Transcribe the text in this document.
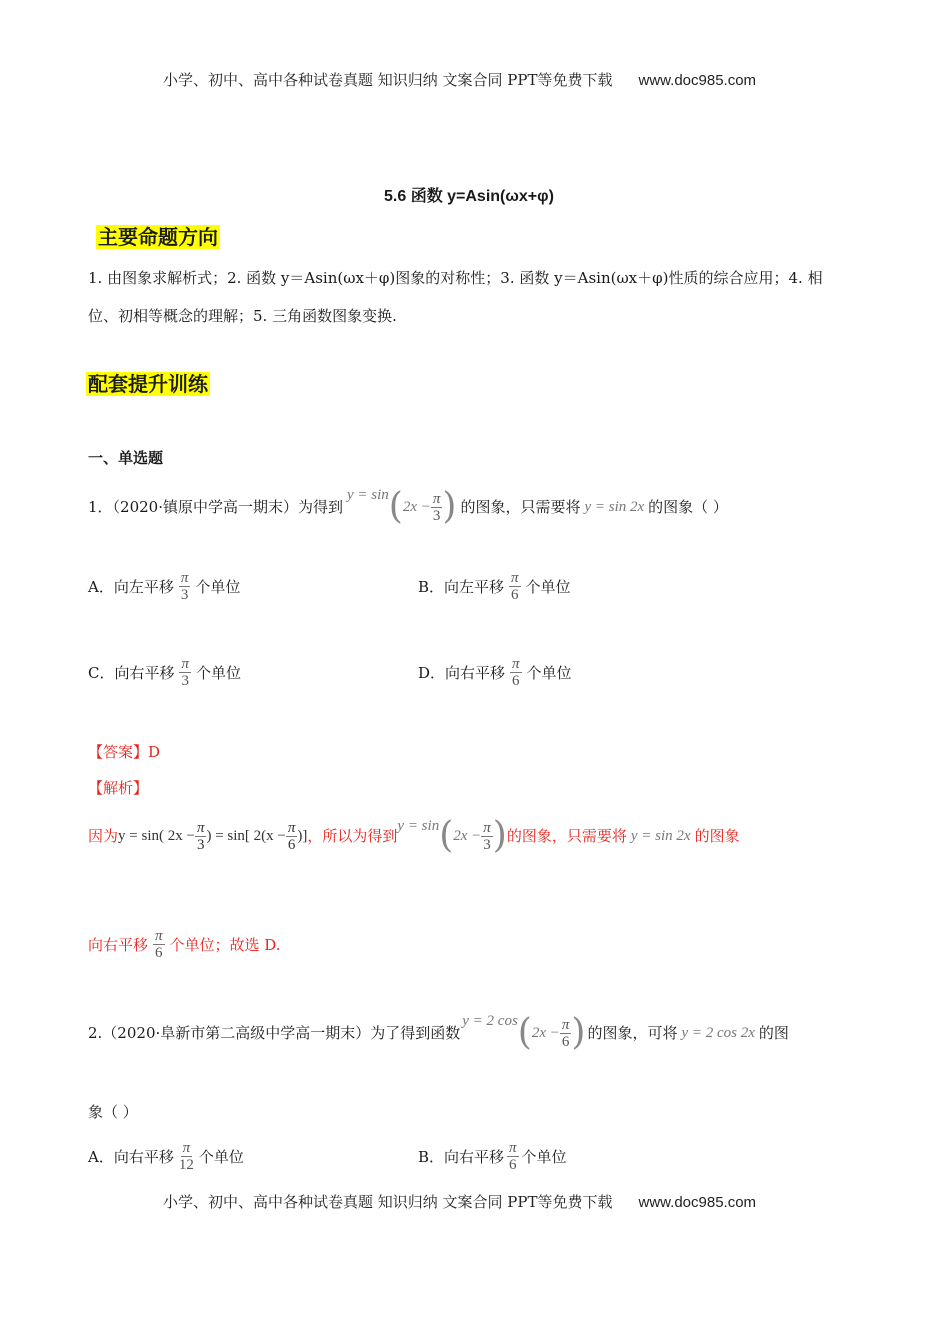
小学、初中、高中各种试卷真题 知识归纳 文案合同 PPT等免费下载 www.doc985.com
5.6 函数 y=Asin(ωx+φ)
主要命题方向
1. 由图象求解析式；2. 函数 y＝Asin(ωx＋φ)图象的对称性；3. 函数 y＝Asin(ωx＋φ)性质的综合应用；4. 相
位、初相等概念的理解；5. 三角函数图象变换.
配套提升训练
一、单选题
1．（2020·镇原中学高一期末）为得到
y = sin ( $2x - \frac{\pi}{3}$ ) 的图象，只需要将 y = sin 2x 的图象（ ）
A．向左平移 $\frac{\pi}{3}$ 个单位	B．向左平移 $\frac{\pi}{6}$ 个单位
C．向右平移 $\frac{\pi}{3}$ 个单位	D．向右平移 $\frac{\pi}{6}$ 个单位
【答案】D
【解析】
因为 y = sin( $2x - \frac{\pi}{3}$ ) = sin[ $2(x - \frac{\pi}{6}$ )] ，所以为得到
y = sin ( $2x - \frac{\pi}{3}$ ) 的图象，只需要将 y = sin 2x 的图象
向右平移 $\frac{\pi}{6}$ 个单位；故选 D.
2.（2020·阜新市第二高级中学高一期末）为了得到函数
y = 2 cos ( $2x - \frac{\pi}{6}$ ) 的图象，可将 y = 2 cos 2x 的图
象（ ）
A．向右平移 $\frac{\pi}{12}$ 个单位	B．向右平移 $\frac{\pi}{6}$ 个单位
小学、初中、高中各种试卷真题 知识归纳 文案合同 PPT等免费下载 www.doc985.com
